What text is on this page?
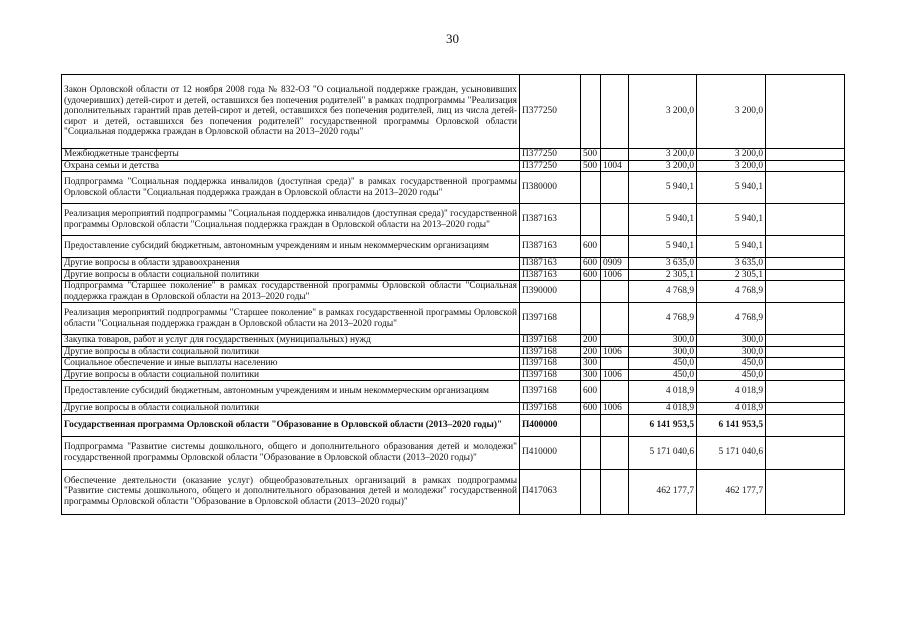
30
Закон Орловской области от 12 ноября 2008 года № 832-ОЗ "О социальной поддержке граждан, усыновивших (удочеривших) детей-сирот и детей, оставшихся без попечения родителей" в рамках подпрограммы "Реализация дополнительных гарантий прав детей-сирот и детей, оставшихся без попечения родителей, лиц из числа детей-сирот и детей, оставшихся без попечения родителей" государственной программы Орловской области "Социальная поддержка граждан в Орловской области на 2013–2020 годы"	П377250			3 200,0	3 200,0	
Межбюджетные трансферты	П377250	500		3 200,0	3 200,0	
Охрана семьи и детства	П377250	500	1004	3 200,0	3 200,0	
Подпрограмма "Социальная поддержка инвалидов (доступная среда)" в рамках государственной программы Орловской области "Социальная поддержка граждан в Орловской области на 2013–2020 годы"	П380000			5 940,1	5 940,1	
Реализация мероприятий подпрограммы "Социальная поддержка инвалидов (доступная среда)" государственной программы Орловской области "Социальная поддержка граждан в Орловской области на 2013–2020 годы"	П387163			5 940,1	5 940,1	
Предоставление субсидий бюджетным, автономным учреждениям и иным некоммерческим организациям	П387163	600		5 940,1	5 940,1	
Другие вопросы в области здравоохранения	П387163	600	0909	3 635,0	3 635,0	
Другие вопросы в области социальной политики	П387163	600	1006	2 305,1	2 305,1	
Подпрограмма "Старшее поколение" в рамках государственной программы Орловской области "Социальная поддержка граждан в Орловской области на 2013–2020 годы"	П390000			4 768,9	4 768,9	
Реализация мероприятий подпрограммы "Старшее поколение" в рамках государственной программы Орловской области "Социальная поддержка граждан в Орловской области на 2013–2020 годы"	П397168			4 768,9	4 768,9	
Закупка товаров, работ и услуг для государственных (муниципальных) нужд	П397168	200		300,0	300,0	
Другие вопросы в области социальной политики	П397168	200	1006	300,0	300,0	
Социальное обеспечение и иные выплаты населению	П397168	300		450,0	450,0	
Другие вопросы в области социальной политики	П397168	300	1006	450,0	450,0	
Предоставление субсидий бюджетным, автономным учреждениям и иным некоммерческим организациям	П397168	600		4 018,9	4 018,9	
Другие вопросы в области социальной политики	П397168	600	1006	4 018,9	4 018,9	
Государственная программа Орловской области "Образование в Орловской области (2013–2020 годы)"	П400000			6 141 953,5	6 141 953,5	
Подпрограмма "Развитие системы дошкольного, общего и дополнительного образования детей и молодежи" государственной программы Орловской области "Образование в Орловской области (2013–2020 годы)"	П410000			5 171 040,6	5 171 040,6	
Обеспечение деятельности (оказание услуг) общеобразовательных организаций в рамках подпрограммы "Развитие системы дошкольного, общего и дополнительного образования детей и молодежи" государственной программы Орловской области "Образование в Орловской области (2013–2020 годы)"	П417063			462 177,7	462 177,7	
